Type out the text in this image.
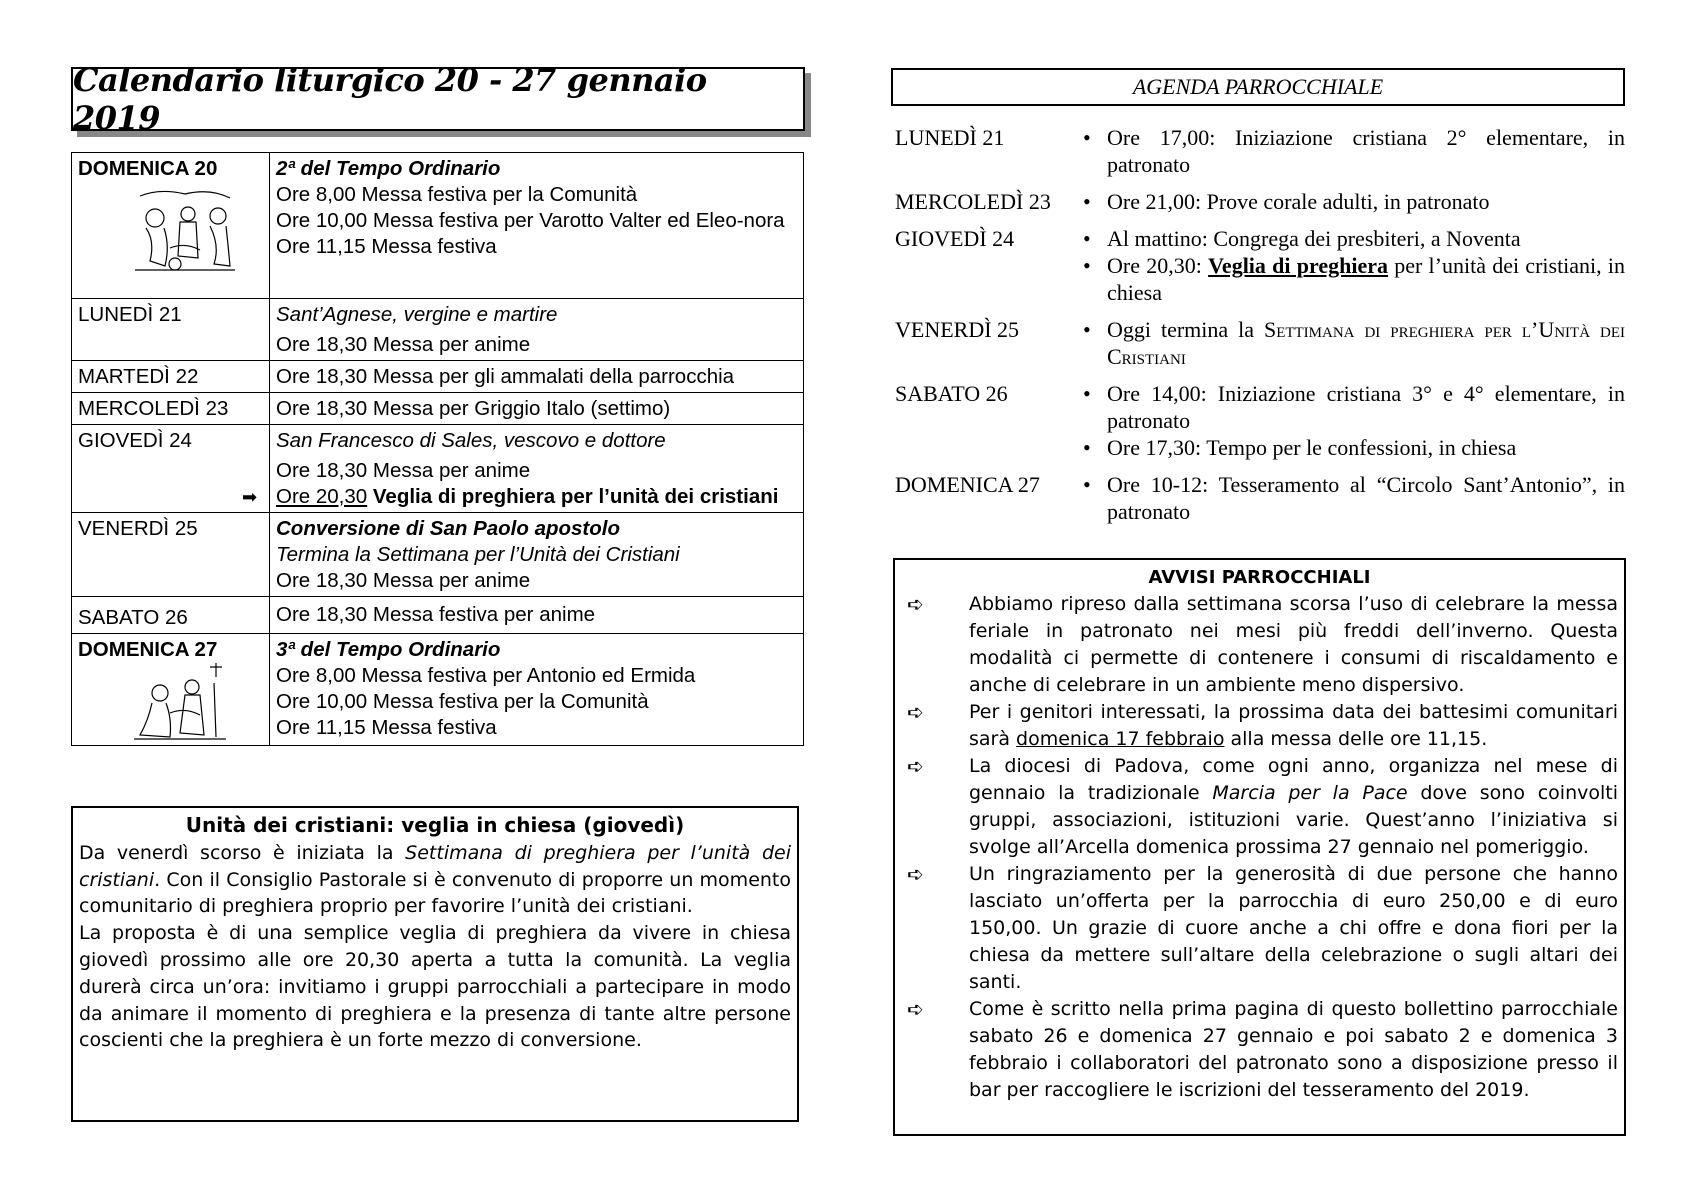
Calendario liturgico 20 - 27 gennaio 2019
DOMENICA 20	2ª del Tempo Ordinario
Ore 8,00 Messa festiva per la Comunità
Ore 10,00 Messa festiva per Varotto Valter ed Eleo-nora
Ore 11,15 Messa festiva

LUNEDÌ 21	Sant’Agnese, vergine e martire
Ore 18,30 Messa per anime

MARTEDÌ 22	Ore 18,30 Messa per gli ammalati della parrocchia

MERCOLEDÌ 23	Ore 18,30 Messa per Griggio Italo (settimo)

GIOVEDÌ 24	San Francesco di Sales, vescovo e dottore
Ore 18,30 Messa per anime
➡ Ore 20,30 Veglia di preghiera per l’unità dei cristiani

VENERDÌ 25	Conversione di San Paolo apostolo
Termina la Settimana per l’Unità dei Cristiani
Ore 18,30 Messa per anime

SABATO 26	Ore 18,30 Messa festiva per anime

DOMENICA 27	3ª del Tempo Ordinario
Ore 8,00 Messa festiva per Antonio ed Ermida
Ore 10,00 Messa festiva per la Comunità
Ore 11,15 Messa festiva
Unità dei cristiani: veglia in chiesa (giovedì)

Da venerdì scorso è iniziata la Settimana di preghiera per l’unità dei cristiani. Con il Consiglio Pastorale si è convenuto di proporre un momento comunitario di preghiera proprio per favorire l’unità dei cristiani.

La proposta è di una semplice veglia di preghiera da vivere in chiesa giovedì prossimo alle ore 20,30 aperta a tutta la comunità. La veglia durerà circa un’ora: invitiamo i gruppi parrocchiali a partecipare in modo da animare il momento di preghiera e la presenza di tante altre persone coscienti che la preghiera è un forte mezzo di conversione.

AGENDA PARROCCHIALE
LUNEDÌ 21	• Ore 17,00: Iniziazione cristiana 2° elementare, in patronato
MERCOLEDÌ 23	• Ore 21,00: Prove corale adulti, in patronato
GIOVEDÌ 24	• Al mattino: Congrega dei presbiteri, a Noventa
• Ore 20,30: Veglia di preghiera per l’unità dei cristiani, in chiesa
VENERDÌ 25	• Oggi termina la Settimana di preghiera per l’Unità dei Cristiani
SABATO 26	• Ore 14,00: Iniziazione cristiana 3° e 4° elementare, in patronato
• Ore 17,30: Tempo per le confessioni, in chiesa
DOMENICA 27	• Ore 10-12: Tesseramento al “Circolo Sant’Antonio”, in patronato
AVVISI PARROCCHIALI
➪	Abbiamo ripreso dalla settimana scorsa l’uso di celebrare la messa feriale in patronato nei mesi più freddi dell’inverno. Questa modalità ci permette di contenere i consumi di riscaldamento e anche di celebrare in un ambiente meno dispersivo.
➪	Per i genitori interessati, la prossima data dei battesimi comunitari sarà domenica 17 febbraio alla messa delle ore 11,15.
➪	La diocesi di Padova, come ogni anno, organizza nel mese di gennaio la tradizionale Marcia per la Pace dove sono coinvolti gruppi, associazioni, istituzioni varie. Quest’anno l’iniziativa si svolge all’Arcella domenica prossima 27 gennaio nel pomeriggio.
➪	Un ringraziamento per la generosità di due persone che hanno lasciato un’offerta per la parrocchia di euro 250,00 e di euro 150,00. Un grazie di cuore anche a chi offre e dona fiori per la chiesa da mettere sull’altare della celebrazione o sugli altari dei santi.
➪	Come è scritto nella prima pagina di questo bollettino parrocchiale sabato 26 e domenica 27 gennaio e poi sabato 2 e domenica 3 febbraio i collaboratori del patronato sono a disposizione presso il bar per raccogliere le iscrizioni del tesseramento del 2019.
